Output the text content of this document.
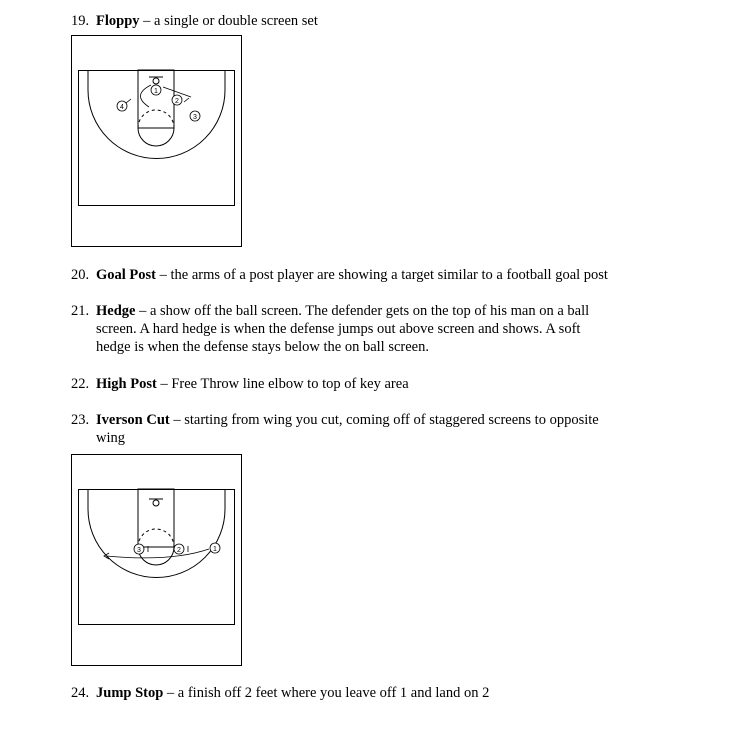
19. Floppy – a single or double screen set
1
2
3
4
20. Goal Post – the arms of a post player are showing a target similar to a football goal post
21. Hedge – a show off the ball screen. The defender gets on the top of his man on a ball
screen. A hard hedge is when the defense jumps out above screen and shows. A soft
hedge is when the defense stays below the on ball screen.
22. High Post – Free Throw line elbow to top of key area
23. Iverson Cut – starting from wing you cut, coming off of staggered screens to opposite
wing
1
2
3
24. Jump Stop – a finish off 2 feet where you leave off 1 and land on 2
